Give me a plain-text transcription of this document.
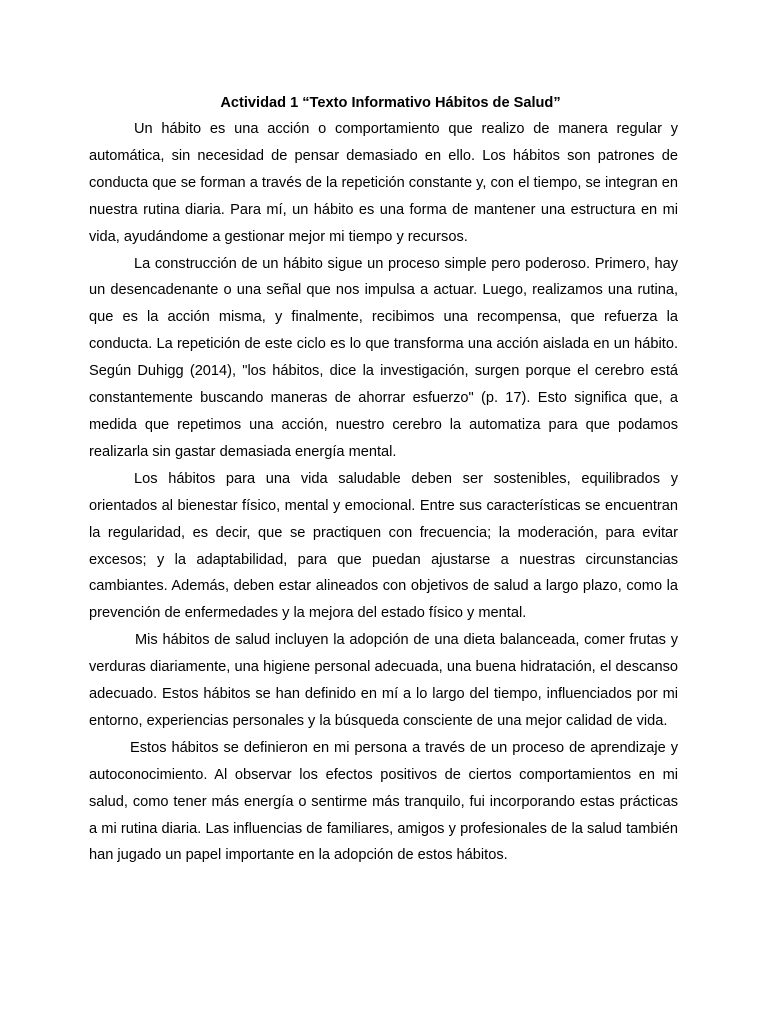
Actividad 1 “Texto Informativo Hábitos de Salud”

Un hábito es una acción o comportamiento que realizo de manera regular y automática, sin necesidad de pensar demasiado en ello. Los hábitos son patrones de conducta que se forman a través de la repetición constante y, con el tiempo, se integran en nuestra rutina diaria. Para mí, un hábito es una forma de mantener una estructura en mi vida, ayudándome a gestionar mejor mi tiempo y recursos.

La construcción de un hábito sigue un proceso simple pero poderoso. Primero, hay un desencadenante o una señal que nos impulsa a actuar. Luego, realizamos una rutina, que es la acción misma, y finalmente, recibimos una recompensa, que refuerza la conducta. La repetición de este ciclo es lo que transforma una acción aislada en un hábito. Según Duhigg (2014), "los hábitos, dice la investigación, surgen porque el cerebro está constantemente buscando maneras de ahorrar esfuerzo" (p. 17). Esto significa que, a medida que repetimos una acción, nuestro cerebro la automatiza para que podamos realizarla sin gastar demasiada energía mental.

Los hábitos para una vida saludable deben ser sostenibles, equilibrados y orientados al bienestar físico, mental y emocional. Entre sus características se encuentran la regularidad, es decir, que se practiquen con frecuencia; la moderación, para evitar excesos; y la adaptabilidad, para que puedan ajustarse a nuestras circunstancias cambiantes. Además, deben estar alineados con objetivos de salud a largo plazo, como la prevención de enfermedades y la mejora del estado físico y mental.

Mis hábitos de salud incluyen la adopción de una dieta balanceada, comer frutas y verduras diariamente, una higiene personal adecuada, una buena hidratación, el descanso adecuado. Estos hábitos se han definido en mí a lo largo del tiempo, influenciados por mi entorno, experiencias personales y la búsqueda consciente de una mejor calidad de vida.

Estos hábitos se definieron en mi persona a través de un proceso de aprendizaje y autoconocimiento. Al observar los efectos positivos de ciertos comportamientos en mi salud, como tener más energía o sentirme más tranquilo, fui incorporando estas prácticas a mi rutina diaria. Las influencias de familiares, amigos y profesionales de la salud también han jugado un papel importante en la adopción de estos hábitos.
